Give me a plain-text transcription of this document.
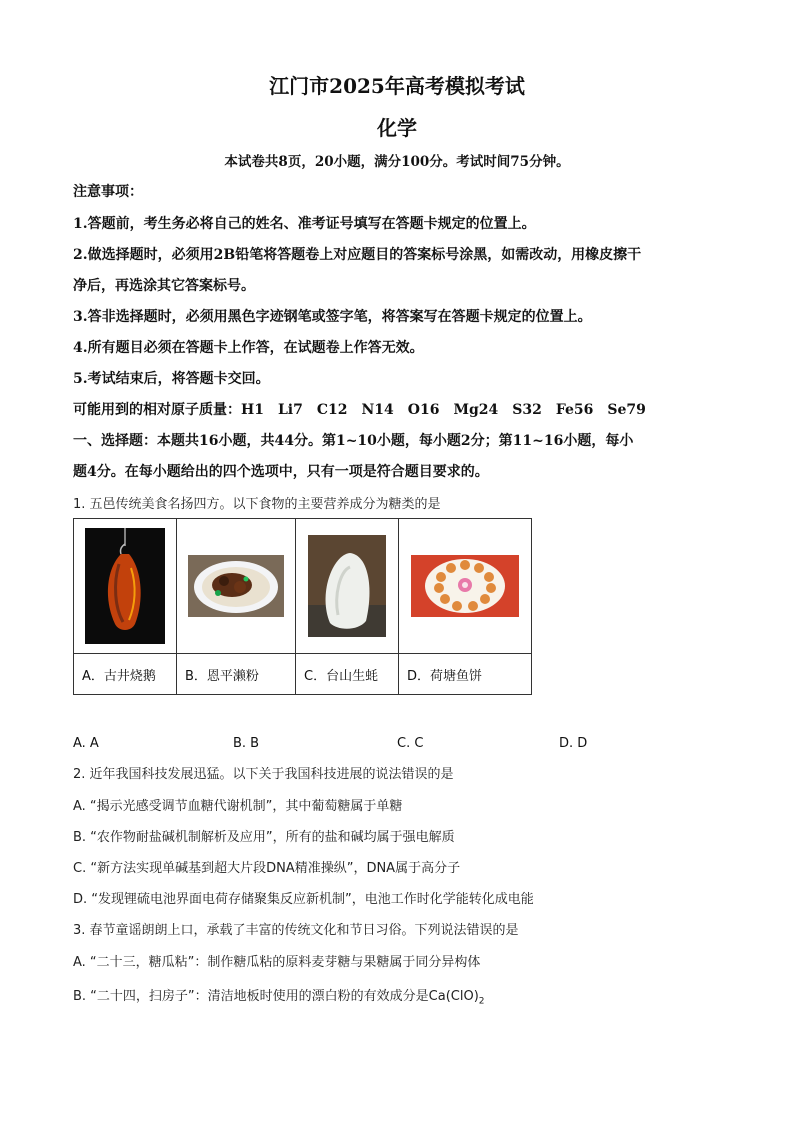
江门市2025年高考模拟考试
化学
本试卷共8页，20小题，满分100分。考试时间75分钟。
注意事项：
1.答题前，考生务必将自己的姓名、准考证号填写在答题卡规定的位置上。
2.做选择题时，必须用2B铅笔将答题卷上对应题目的答案标号涂黑，如需改动，用橡皮擦干
净后，再选涂其它答案标号。
3.答非选择题时，必须用黑色字迹钢笔或签字笔，将答案写在答题卡规定的位置上。
4.所有题目必须在答题卡上作答，在试题卷上作答无效。
5.考试结束后，将答题卡交回。
可能用到的相对原子质量：H1　Li7　C12　N14　O16　Mg24　S32　Fe56　Se79
一、选择题：本题共16小题，共44分。第1~10小题，每小题2分；第11~16小题，每小
题4分。在每小题给出的四个选项中，只有一项是符合题目要求的。
1. 五邑传统美食名扬四方。以下食物的主要营养成分为糖类的是

A．古井烧鹅	B．恩平濑粉	C．台山生蚝	D．荷塘鱼饼
A. A	B. B	C. C	D. D
2. 近年我国科技发展迅猛。以下关于我国科技进展的说法错误的是
A. “揭示光感受调节血糖代谢机制”，其中葡萄糖属于单糖
B. “农作物耐盐碱机制解析及应用”，所有的盐和碱均属于强电解质
C. “新方法实现单碱基到超大片段DNA精准操纵”，DNA属于高分子
D. “发现锂硫电池界面电荷存储聚集反应新机制”，电池工作时化学能转化成电能
3. 春节童谣朗朗上口，承载了丰富的传统文化和节日习俗。下列说法错误的是
A. “二十三，糖瓜粘”：制作糖瓜粘的原料麦芽糖与果糖属于同分异构体
B. “二十四，扫房子”：清洁地板时使用的漂白粉的有效成分是$Ca(ClO)_2$
